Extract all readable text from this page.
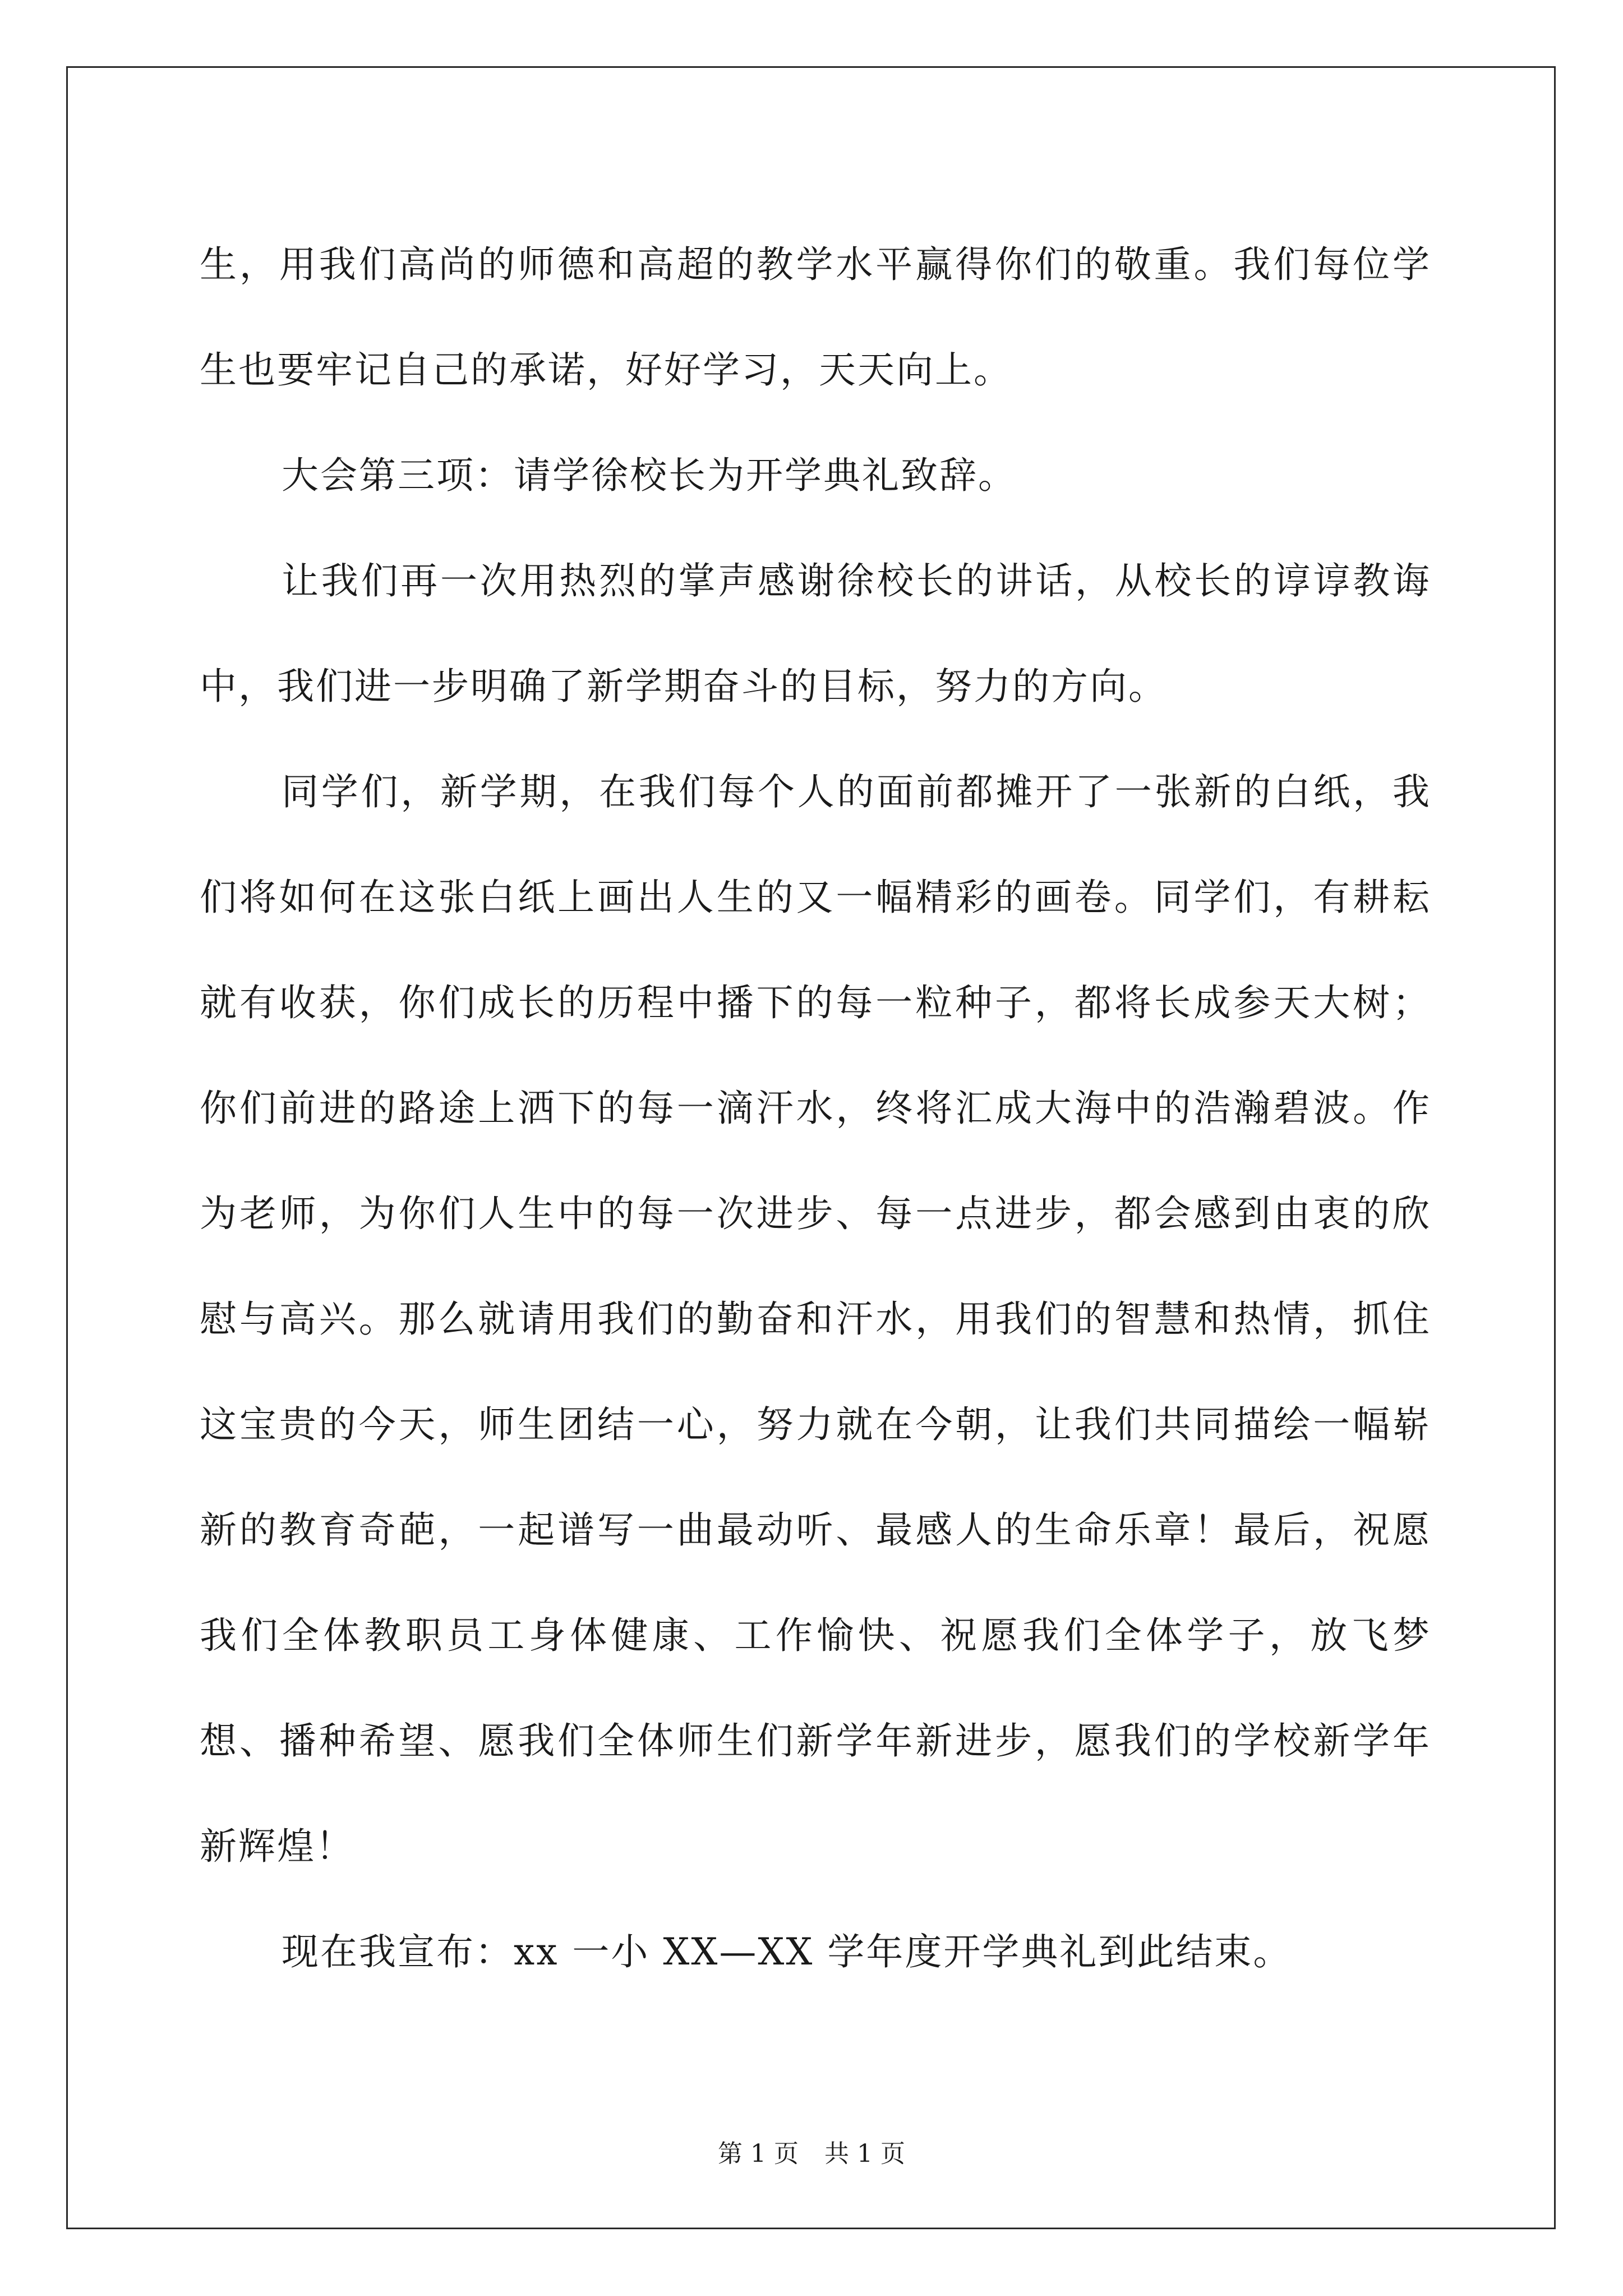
生，用我们高尚的师德和高超的教学水平赢得你们的敬重。我们每位学生也要牢记自己的承诺，好好学习，天天向上。

大会第三项：请学徐校长为开学典礼致辞。

让我们再一次用热烈的掌声感谢徐校长的讲话，从校长的谆谆教诲中，我们进一步明确了新学期奋斗的目标，努力的方向。

同学们，新学期，在我们每个人的面前都摊开了一张新的白纸，我们将如何在这张白纸上画出人生的又一幅精彩的画卷。同学们，有耕耘就有收获，你们成长的历程中播下的每一粒种子，都将长成参天大树；你们前进的路途上洒下的每一滴汗水，终将汇成大海中的浩瀚碧波。作为老师，为你们人生中的每一次进步、每一点进步，都会感到由衷的欣慰与高兴。那么就请用我们的勤奋和汗水，用我们的智慧和热情，抓住这宝贵的今天，师生团结一心，努力就在今朝，让我们共同描绘一幅崭新的教育奇葩，一起谱写一曲最动听、最感人的生命乐章！最后，祝愿我们全体教职员工身体健康、工作愉快、祝愿我们全体学子，放飞梦想、播种希望、愿我们全体师生们新学年新进步，愿我们的学校新学年新辉煌！

现在我宣布：xx 一小 XX—XX 学年度开学典礼到此结束。

第 1 页 共 1 页
